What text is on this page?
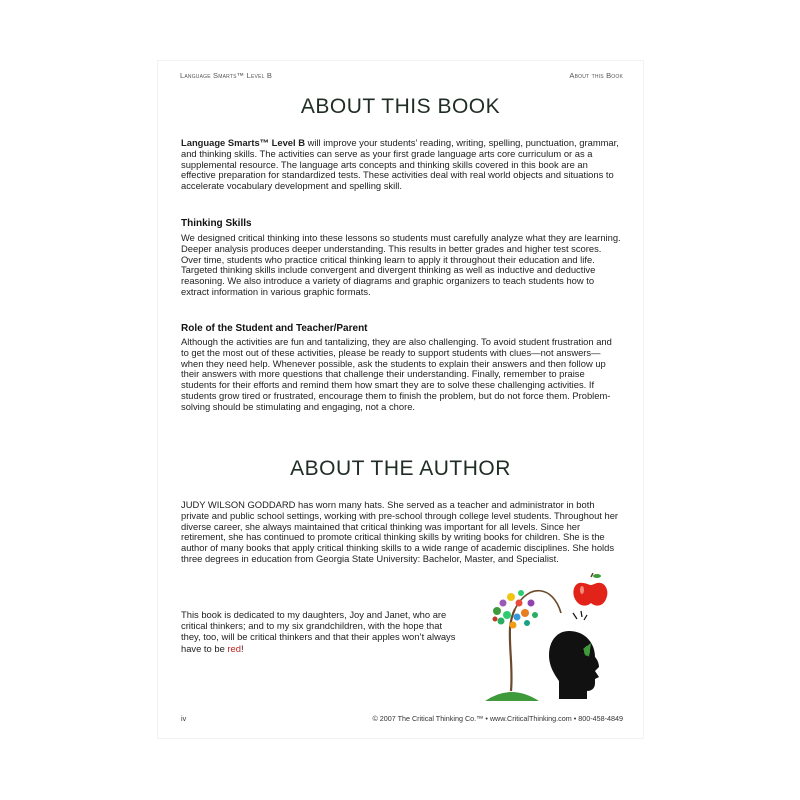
Language Smarts™ Level B	About this Book
ABOUT THIS BOOK
Language Smarts™ Level B will improve your students’ reading, writing, spelling, punctuation, grammar, and thinking skills. The activities can serve as your first grade language arts core curriculum or as a supplemental resource. The language arts concepts and thinking skills covered in this book are an effective preparation for standardized tests. These activities deal with real world objects and situations to accelerate vocabulary development and spelling skill.
Thinking Skills
We designed critical thinking into these lessons so students must carefully analyze what they are learning. Deeper analysis produces deeper understanding. This results in better grades and higher test scores. Over time, students who practice critical thinking learn to apply it throughout their education and life. Targeted thinking skills include convergent and divergent thinking as well as inductive and deductive reasoning. We also introduce a variety of diagrams and graphic organizers to teach students how to extract information in various graphic formats.
Role of the Student and Teacher/Parent
Although the activities are fun and tantalizing, they are also challenging. To avoid student frustration and to get the most out of these activities, please be ready to support students with clues—not answers—when they need help. Whenever possible, ask the students to explain their answers and then follow up their answers with more questions that challenge their understanding. Finally, remember to praise students for their efforts and remind them how smart they are to solve these challenging activities. If students grow tired or frustrated, encourage them to finish the problem, but do not force them. Problem-solving should be stimulating and engaging, not a chore.
ABOUT THE AUTHOR
JUDY WILSON GODDARD has worn many hats. She served as a teacher and administrator in both private and public school settings, working with pre-school through college level students. Throughout her diverse career, she always maintained that critical thinking was important for all levels. Since her retirement, she has continued to promote critical thinking skills by writing books for children. She is the author of many books that apply critical thinking skills to a wide range of academic disciplines. She holds three degrees in education from Georgia State University: Bachelor, Master, and Specialist.
This book is dedicated to my daughters, Joy and Janet, who are critical thinkers; and to my six grandchildren, with the hope that they, too, will be critical thinkers and that their apples won’t always have to be red!
iv	© 2007 The Critical Thinking Co.™ • www.CriticalThinking.com • 800-458-4849
